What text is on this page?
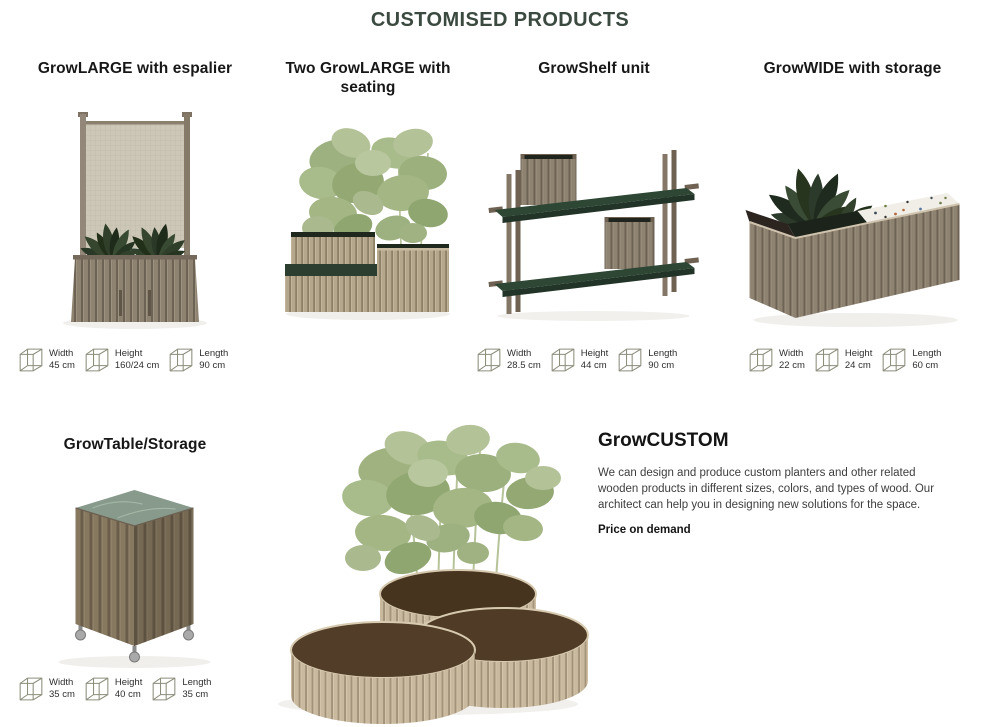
CUSTOMISED PRODUCTS
GrowLARGE with espalier
Width
45 cm
Height
160/24 cm
Length
90 cm
Two GrowLARGE with seating
GrowShelf unit
Width
28.5 cm
Height
44 cm
Length
90 cm
GrowWIDE with storage
Width
22 cm
Height
24 cm
Length
60 cm
GrowTable/Storage
Width
35 cm
Height
40 cm
Length
35 cm
GrowCUSTOM

We can design and produce custom planters and other related wooden products in different sizes, colors, and types of wood. Our architect can help you in designing new solutions for the space.

Price on demand
